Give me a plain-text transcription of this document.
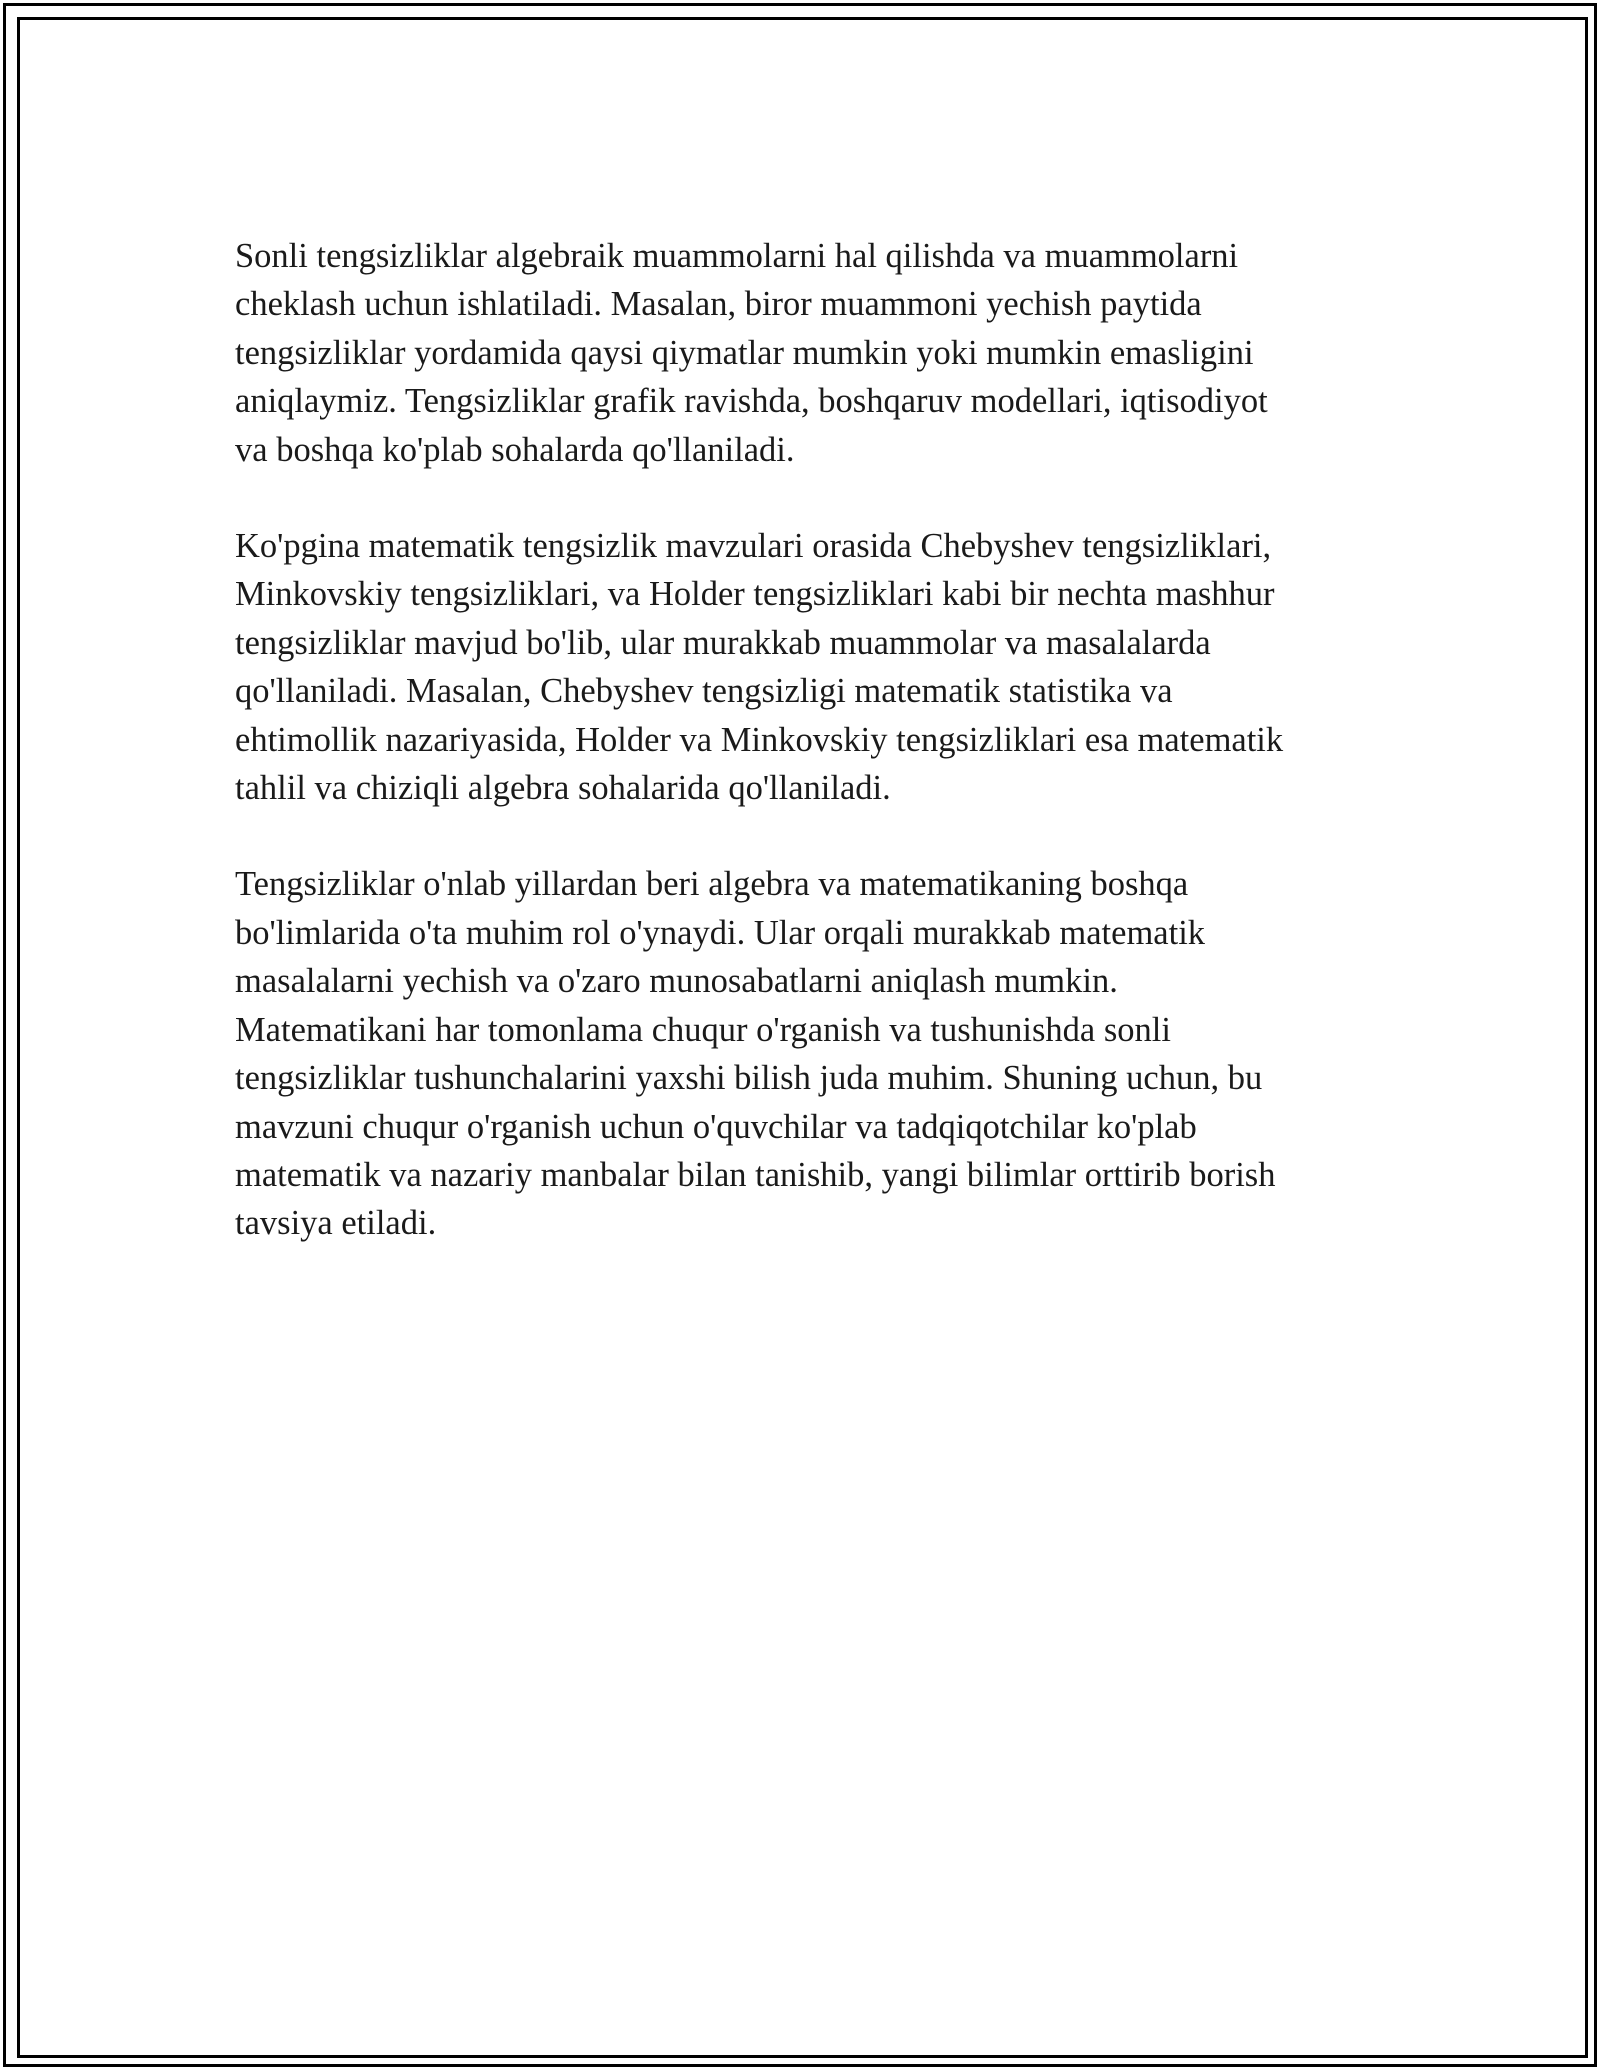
Sonli tengsizliklar algebraik muammolarni hal qilishda va muammolarni
cheklash uchun ishlatiladi. Masalan, biror muammoni yechish paytida
tengsizliklar yordamida qaysi qiymatlar mumkin yoki mumkin emasligini
aniqlaymiz. Tengsizliklar grafik ravishda, boshqaruv modellari, iqtisodiyot
va boshqa ko'plab sohalarda qo'llaniladi.

Ko'pgina matematik tengsizlik mavzulari orasida Chebyshev tengsizliklari,
Minkovskiy tengsizliklari, va Holder tengsizliklari kabi bir nechta mashhur
tengsizliklar mavjud bo'lib, ular murakkab muammolar va masalalarda
qo'llaniladi. Masalan, Chebyshev tengsizligi matematik statistika va
ehtimollik nazariyasida, Holder va Minkovskiy tengsizliklari esa matematik
tahlil va chiziqli algebra sohalarida qo'llaniladi.

Tengsizliklar o'nlab yillardan beri algebra va matematikaning boshqa
bo'limlarida o'ta muhim rol o'ynaydi. Ular orqali murakkab matematik
masalalarni yechish va o'zaro munosabatlarni aniqlash mumkin.
Matematikani har tomonlama chuqur o'rganish va tushunishda sonli
tengsizliklar tushunchalarini yaxshi bilish juda muhim. Shuning uchun, bu
mavzuni chuqur o'rganish uchun o'quvchilar va tadqiqotchilar ko'plab
matematik va nazariy manbalar bilan tanishib, yangi bilimlar orttirib borish
tavsiya etiladi.
